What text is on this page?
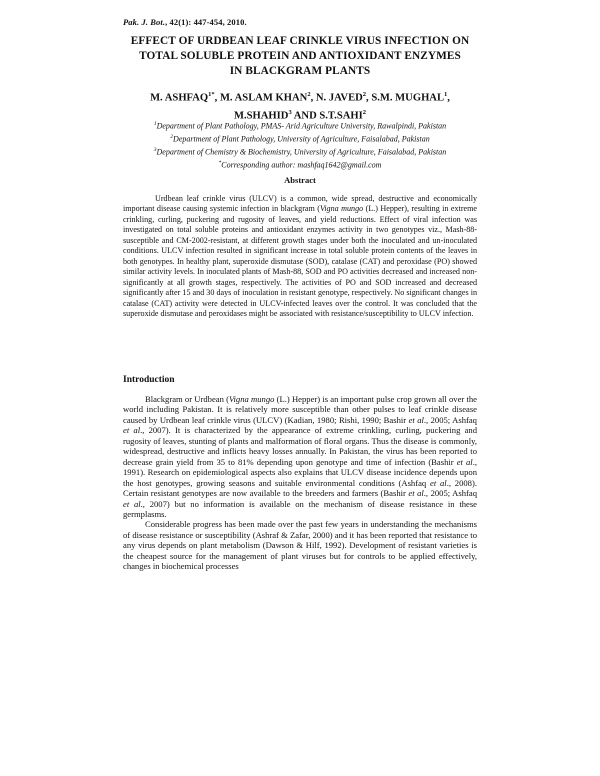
Pak. J. Bot., 42(1): 447-454, 2010.
EFFECT OF URDBEAN LEAF CRINKLE VIRUS INFECTION ON
TOTAL SOLUBLE PROTEIN AND ANTIOXIDANT ENZYMES
IN BLACKGRAM PLANTS
M. $ASHFAQ^{1*}$, M. ASLAM KHAN$^2$, N. JAVED$^2$, S.M. MUGHAL$^1$,
M.SHAHID$^3$ AND S.T.SAHI$^2$
$^1$Department of Plant Pathology, PMAS- Arid Agriculture University, Rawalpindi, Pakistan
$^2$Department of Plant Pathology, University of Agriculture, Faisalabad, Pakistan
$^3$Department of Chemistry & Biochemistry, University of Agriculture, Faisalabad, Pakistan
*Corresponding author: mashfaq1642@gmail.com
Abstract

Urdbean leaf crinkle virus (ULCV) is a common, wide spread, destructive and economically important disease causing systemic infection in blackgram (Vigna mungo (L.) Hepper), resulting in extreme crinkling, curling, puckering and rugosity of leaves, and yield reductions. Effect of viral infection was investigated on total soluble proteins and antioxidant enzymes activity in two genotypes viz., Mash-88-susceptible and CM-2002-resistant, at different growth stages under both the inoculated and un-inoculated conditions. ULCV infection resulted in significant increase in total soluble protein contents of the leaves in both genotypes. In healthy plant, superoxide dismutase (SOD), catalase (CAT) and peroxidase (PO) showed similar activity levels. In inoculated plants of Mash-88, SOD and PO activities decreased and increased non-significantly at all growth stages, respectively. The activities of PO and SOD increased and decreased significantly after 15 and 30 days of inoculation in resistant genotype, respectively. No significant changes in catalase (CAT) activity were detected in ULCV-infected leaves over the control. It was concluded that the superoxide dismutase and peroxidases might be associated with resistance/susceptibility to ULCV infection.

Introduction

Blackgram or Urdbean (Vigna mungo (L.) Hepper) is an important pulse crop grown all over the world including Pakistan. It is relatively more susceptible than other pulses to leaf crinkle disease caused by Urdbean leaf crinkle virus (ULCV) (Kadian, 1980; Rishi, 1990; Bashir et al., 2005; Ashfaq et al., 2007). It is characterized by the appearance of extreme crinkling, curling, puckering and rugosity of leaves, stunting of plants and malformation of floral organs. Thus the disease is commonly, widespread, destructive and inflicts heavy losses annually. In Pakistan, the virus has been reported to decrease grain yield from 35 to 81% depending upon genotype and time of infection (Bashir et al., 1991). Research on epidemiological aspects also explains that ULCV disease incidence depends upon the host genotypes, growing seasons and suitable environmental conditions (Ashfaq et al., 2008). Certain resistant genotypes are now available to the breeders and farmers (Bashir et al., 2005; Ashfaq et al., 2007) but no information is available on the mechanism of disease resistance in these germplasms.

Considerable progress has been made over the past few years in understanding the mechanisms of disease resistance or susceptibility (Ashraf & Zafar, 2000) and it has been reported that resistance to any virus depends on plant metabolism (Dawson & Hilf, 1992). Development of resistant varieties is the cheapest source for the management of plant viruses but for controls to be applied effectively, changes in biochemical processes
